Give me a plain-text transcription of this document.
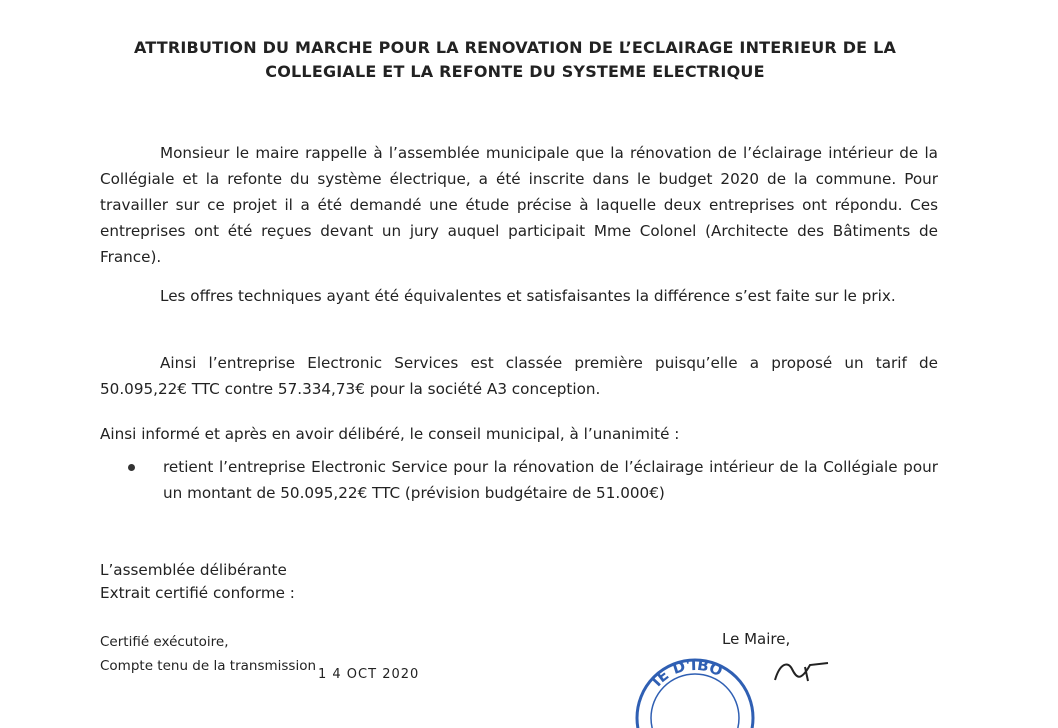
ATTRIBUTION DU MARCHE POUR LA RENOVATION DE L’ECLAIRAGE INTERIEUR DE LA
COLLEGIALE ET LA REFONTE DU SYSTEME ELECTRIQUE

Monsieur le maire rappelle à l’assemblée municipale que la rénovation de l’éclairage intérieur de la Collégiale et la refonte du système électrique, a été inscrite dans le budget 2020 de la commune. Pour travailler sur ce projet il a été demandé une étude précise à laquelle deux entreprises ont répondu. Ces entreprises ont été reçues devant un jury auquel participait Mme Colonel (Architecte des Bâtiments de France).

Les offres techniques ayant été équivalentes et satisfaisantes la différence s’est faite sur le prix.

Ainsi l’entreprise Electronic Services est classée première puisqu’elle a proposé un tarif de 50.095,22€ TTC contre 57.334,73€ pour la société A3 conception.

Ainsi informé et après en avoir délibéré, le conseil municipal, à l’unanimité :

retient l’entreprise Electronic Service pour la rénovation de l’éclairage intérieur de la Collégiale pour un montant de 50.095,22€ TTC (prévision budgétaire de 51.000€)

L’assemblée délibérante
Extrait certifié conforme :
Certifié exécutoire,
Compte tenu de la transmission
1 4 OCT 2020
Le Maire,
IE D'IBO
